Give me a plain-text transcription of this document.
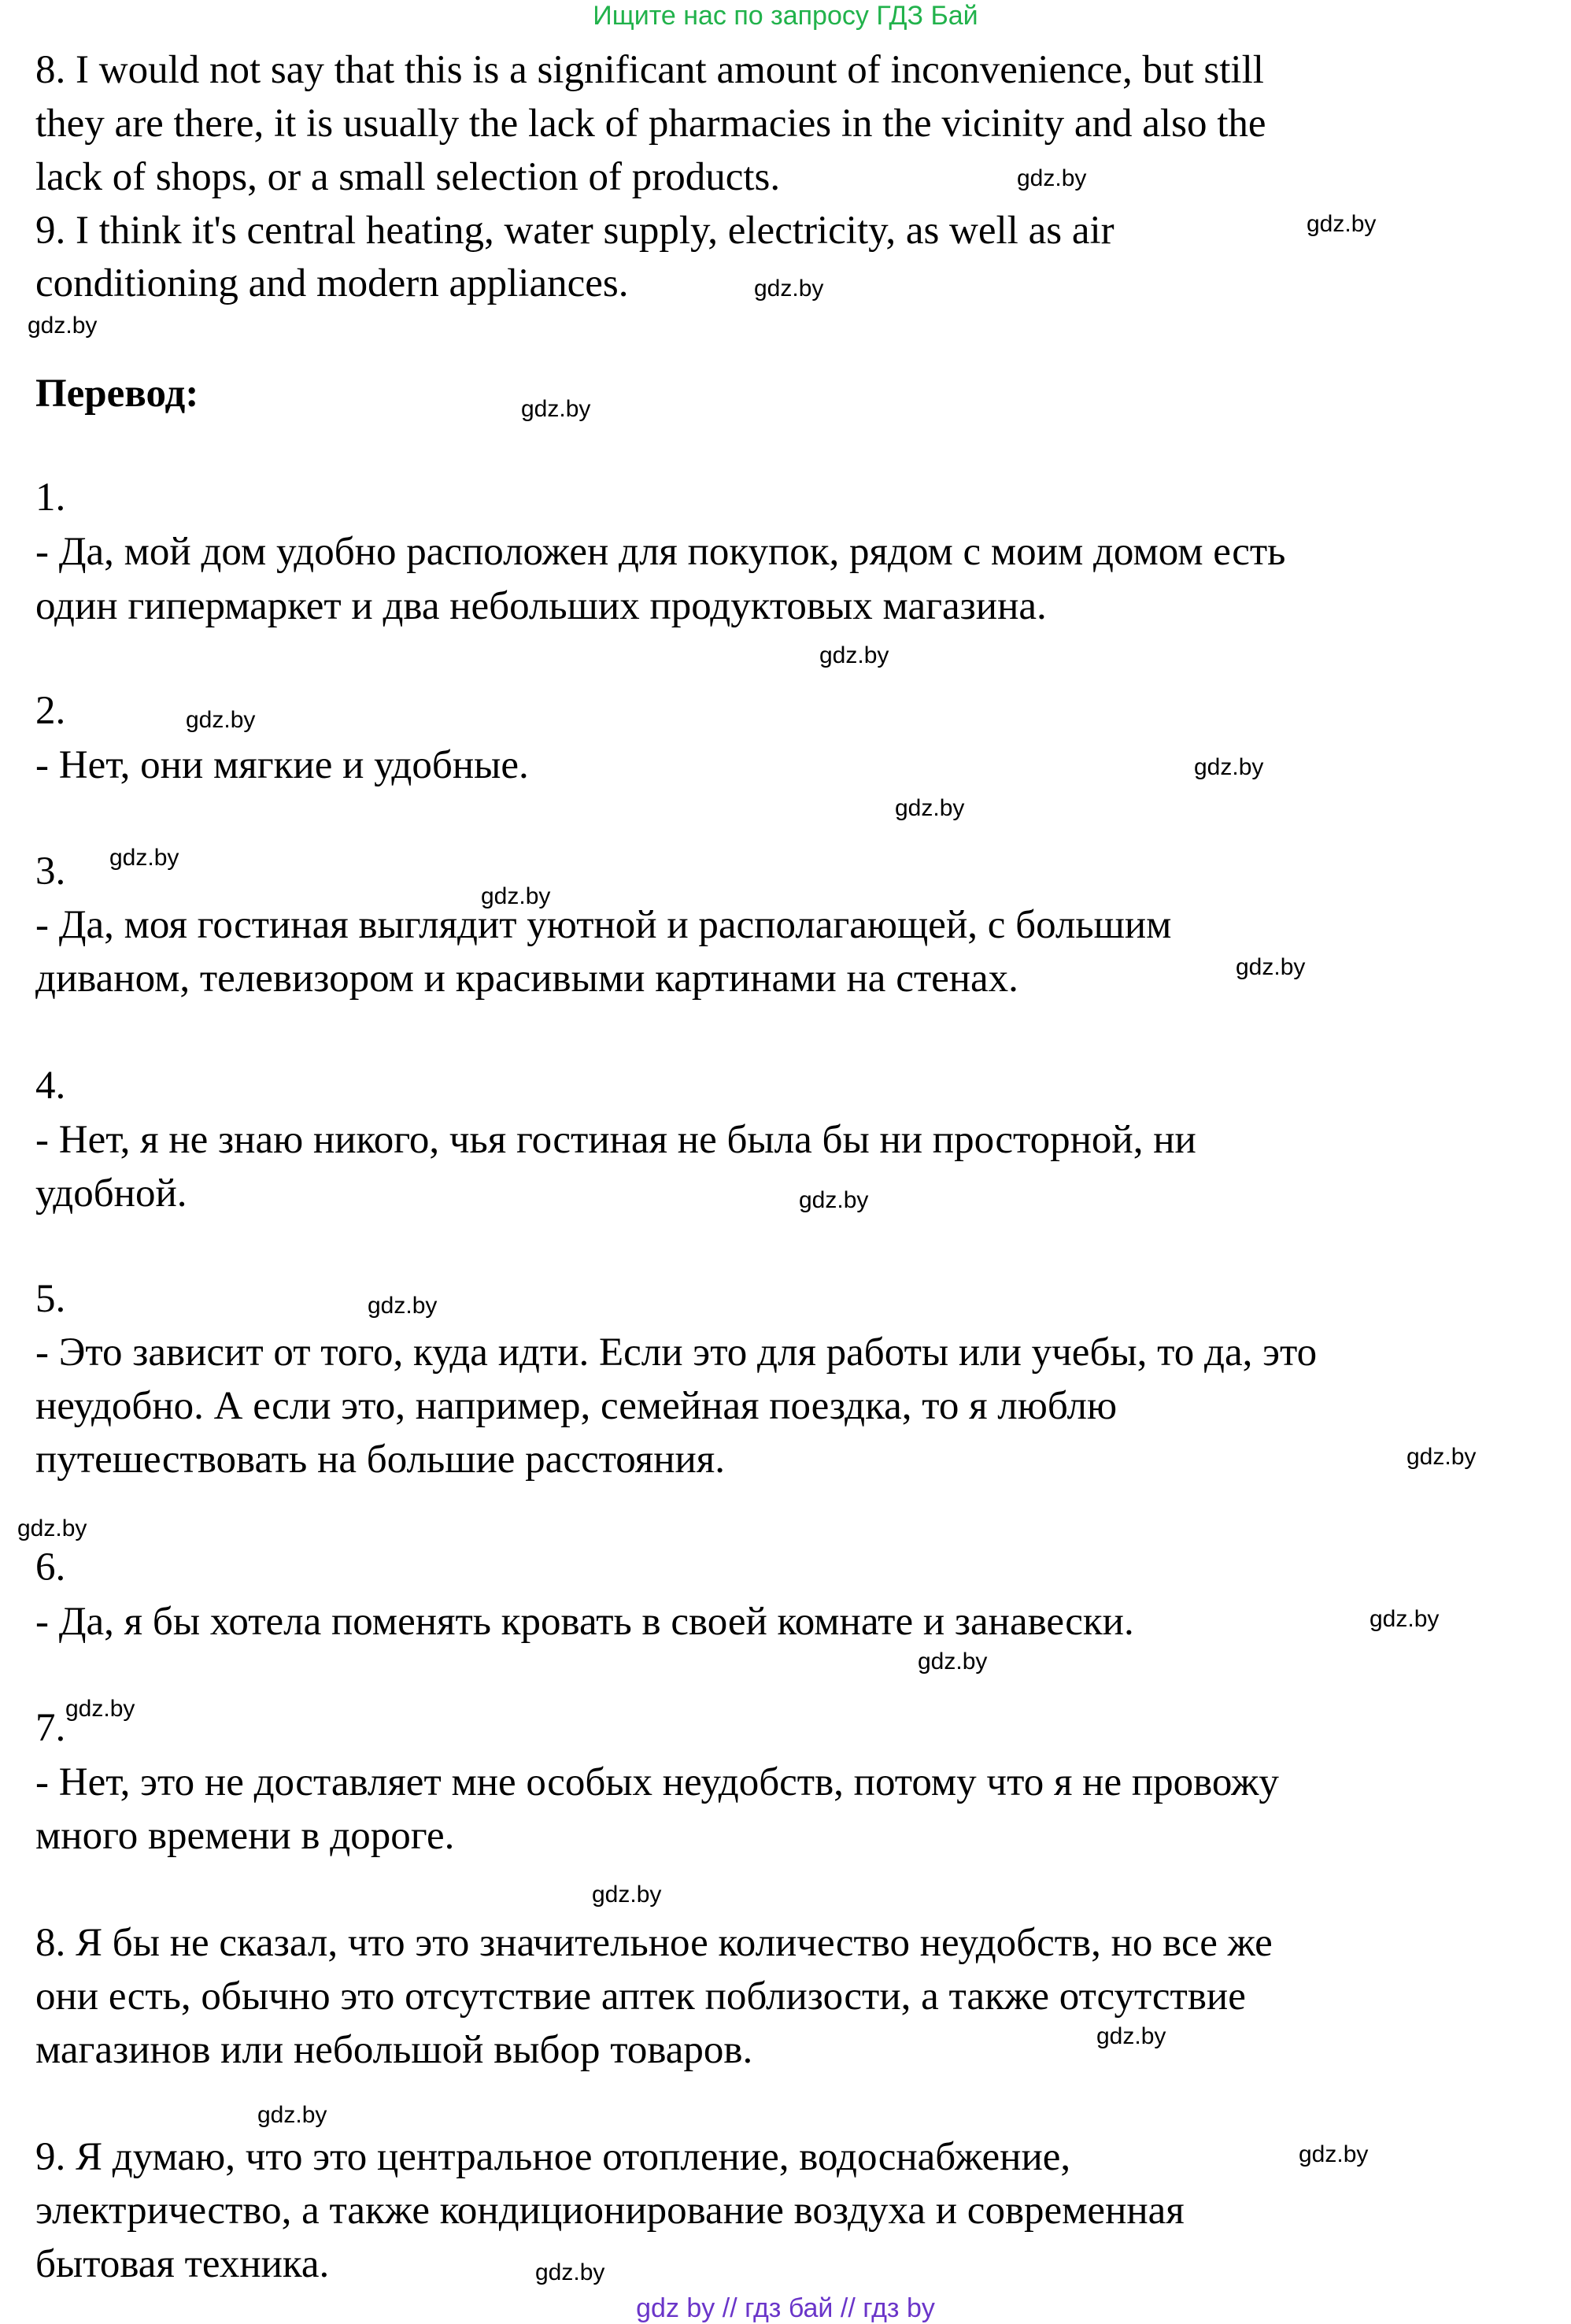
Ищите нас по запросу ГДЗ Бай
8. I would not say that this is a significant amount of inconvenience, but still
they are there, it is usually the lack of pharmacies in the vicinity and also the
lack of shops, or a small selection of products.
9. I think it's central heating, water supply, electricity, as well as air
conditioning and modern appliances.
Перевод:
1.
- Да, мой дом удобно расположен для покупок, рядом с моим домом есть
один гипермаркет и два небольших продуктовых магазина.
2.
- Нет, они мягкие и удобные.
3.
- Да, моя гостиная выглядит уютной и располагающей, с большим
диваном, телевизором и красивыми картинами на стенах.
4.
- Нет, я не знаю никого, чья гостиная не была бы ни просторной, ни
удобной.
5.
- Это зависит от того, куда идти. Если это для работы или учебы, то да, это
неудобно. А если это, например, семейная поездка, то я люблю
путешествовать на большие расстояния.
6.
- Да, я бы хотела поменять кровать в своей комнате и занавески.
7.
- Нет, это не доставляет мне особых неудобств, потому что я не провожу
много времени в дороге.
8. Я бы не сказал, что это значительное количество неудобств, но все же
они есть, обычно это отсутствие аптек поблизости, а также отсутствие
магазинов или небольшой выбор товаров.
9. Я думаю, что это центральное отопление, водоснабжение,
электричество, а также кондиционирование воздуха и современная
бытовая техника.
gdz.by
gdz.by
gdz.by
gdz.by
gdz.by
gdz.by
gdz.by
gdz.by
gdz.by
gdz.by
gdz.by
gdz.by
gdz.by
gdz.by
gdz.by
gdz.by
gdz.by
gdz.by
gdz.by
gdz.by
gdz.by
gdz.by
gdz.by
gdz.by
gdz by // гдз бай // гдз by
